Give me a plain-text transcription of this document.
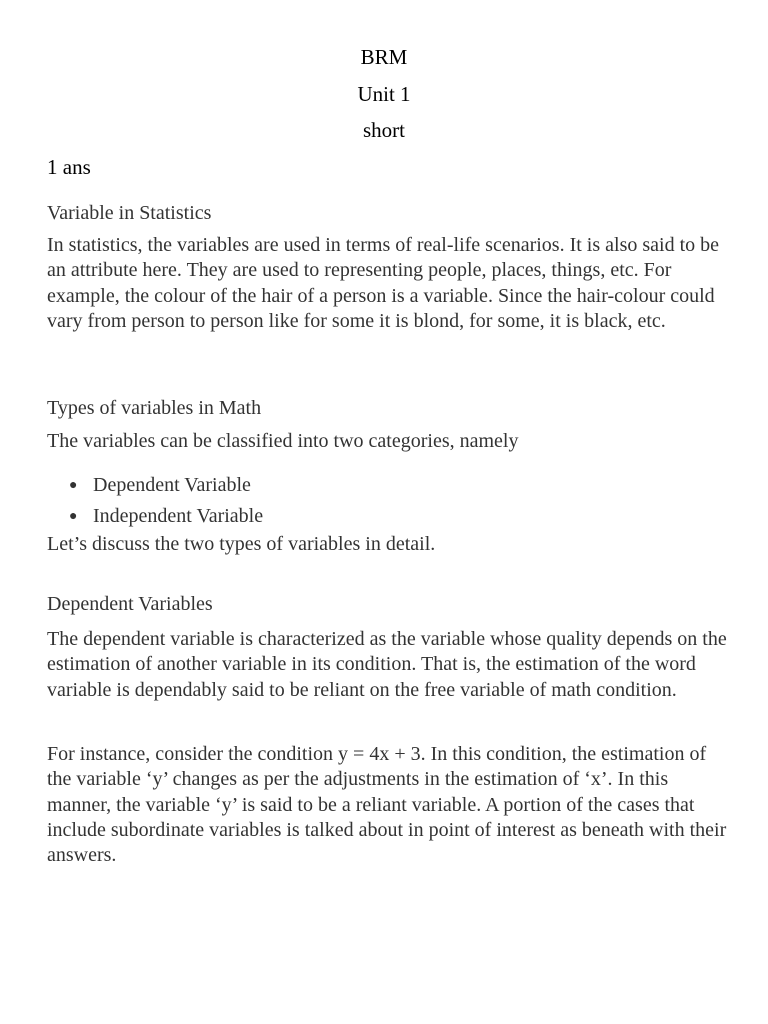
BRM
Unit 1
short
1 ans
Variable in Statistics
In statistics, the variables are used in terms of real-life scenarios. It is also said to be an attribute here. They are used to representing people, places, things, etc. For example, the colour of the hair of a person is a variable. Since the hair-colour could vary from person to person like for some it is blond, for some, it is black, etc.
Types of variables in Math
The variables can be classified into two categories, namely
● Dependent Variable
● Independent Variable
Let’s discuss the two types of variables in detail.
Dependent Variables
The dependent variable is characterized as the variable whose quality depends on the estimation of another variable in its condition. That is, the estimation of the word variable is dependably said to be reliant on the free variable of math condition.
For instance, consider the condition y = 4x + 3. In this condition, the estimation of the variable ‘y’ changes as per the adjustments in the estimation of ‘x’. In this manner, the variable ‘y’ is said to be a reliant variable. A portion of the cases that include subordinate variables is talked about in point of interest as beneath with their answers.
